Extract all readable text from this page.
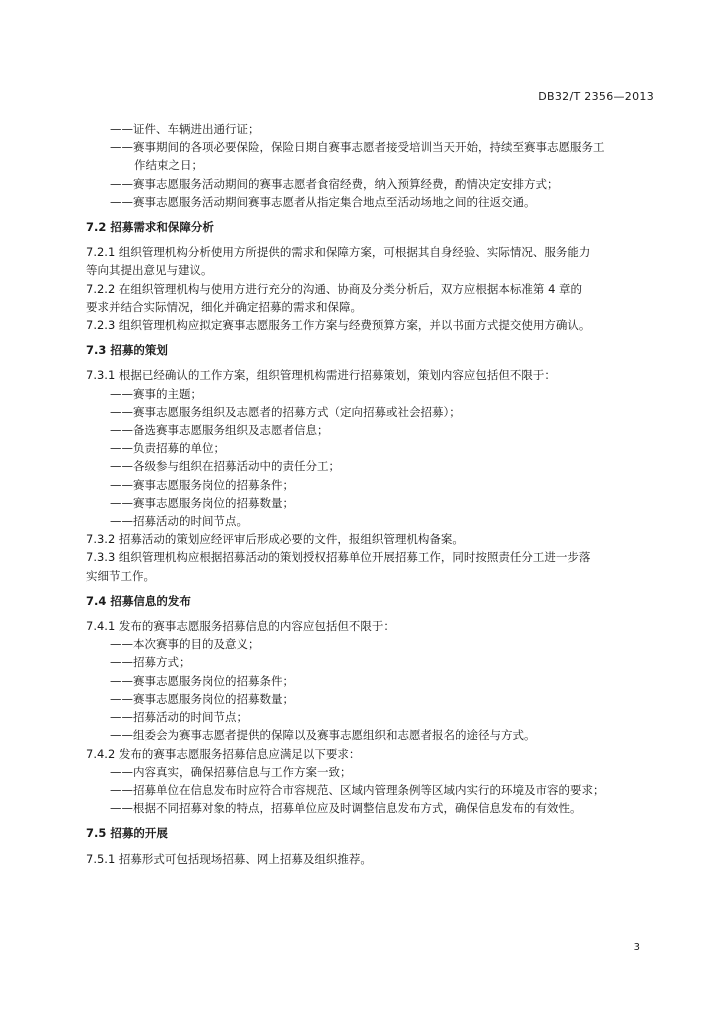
DB32/T 2356—2013
——证件、车辆进出通行证；
——赛事期间的各项必要保险，保险日期自赛事志愿者接受培训当天开始，持续至赛事志愿服务工
作结束之日；
——赛事志愿服务活动期间的赛事志愿者食宿经费，纳入预算经费，酌情决定安排方式；
——赛事志愿服务活动期间赛事志愿者从指定集合地点至活动场地之间的往返交通。
7.2 招募需求和保障分析
7.2.1 组织管理机构分析使用方所提供的需求和保障方案，可根据其自身经验、实际情况、服务能力
等向其提出意见与建议。
7.2.2 在组织管理机构与使用方进行充分的沟通、协商及分类分析后，双方应根据本标准第 4 章的
要求并结合实际情况，细化并确定招募的需求和保障。
7.2.3 组织管理机构应拟定赛事志愿服务工作方案与经费预算方案，并以书面方式提交使用方确认。
7.3 招募的策划
7.3.1 根据已经确认的工作方案，组织管理机构需进行招募策划，策划内容应包括但不限于：
——赛事的主题；
——赛事志愿服务组织及志愿者的招募方式（定向招募或社会招募）；
——备选赛事志愿服务组织及志愿者信息；
——负责招募的单位；
——各级参与组织在招募活动中的责任分工；
——赛事志愿服务岗位的招募条件；
——赛事志愿服务岗位的招募数量；
——招募活动的时间节点。
7.3.2 招募活动的策划应经评审后形成必要的文件，报组织管理机构备案。
7.3.3 组织管理机构应根据招募活动的策划授权招募单位开展招募工作，同时按照责任分工进一步落
实细节工作。
7.4 招募信息的发布
7.4.1 发布的赛事志愿服务招募信息的内容应包括但不限于：
——本次赛事的目的及意义；
——招募方式；
——赛事志愿服务岗位的招募条件；
——赛事志愿服务岗位的招募数量；
——招募活动的时间节点；
——组委会为赛事志愿者提供的保障以及赛事志愿组织和志愿者报名的途径与方式。
7.4.2 发布的赛事志愿服务招募信息应满足以下要求：
——内容真实，确保招募信息与工作方案一致；
——招募单位在信息发布时应符合市容规范、区域内管理条例等区域内实行的环境及市容的要求；
——根据不同招募对象的特点，招募单位应及时调整信息发布方式，确保信息发布的有效性。
7.5 招募的开展
7.5.1 招募形式可包括现场招募、网上招募及组织推荐。
3
